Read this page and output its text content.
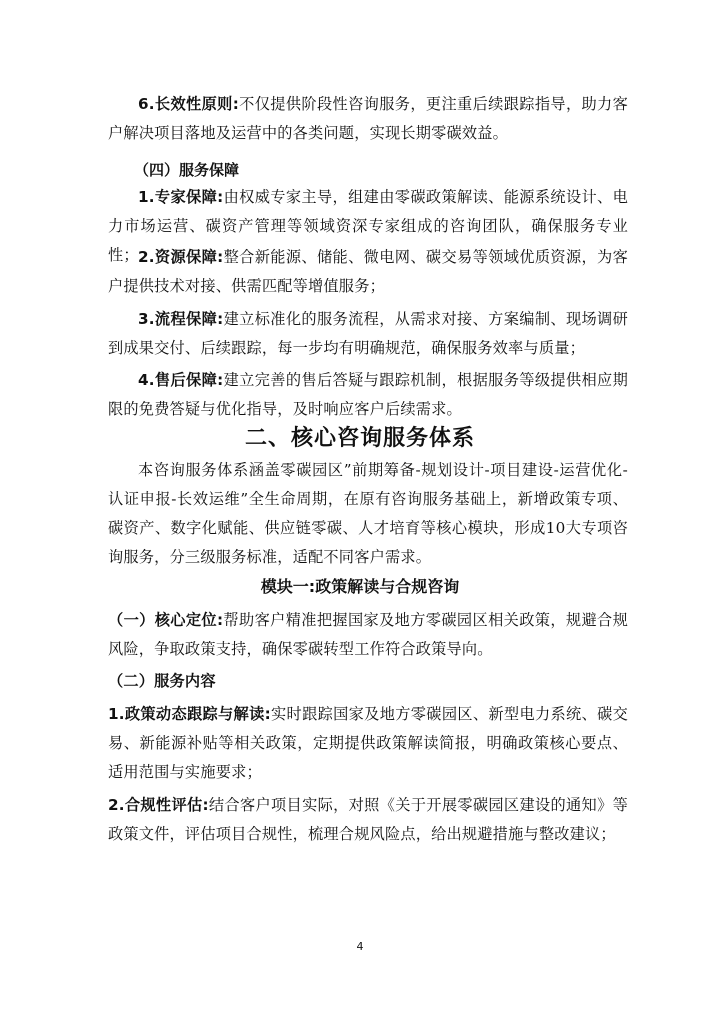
6.长效性原则:不仅提供阶段性咨询服务，更注重后续跟踪指导，助力客户解决项目落地及运营中的各类问题，实现长期零碳效益。

（四）服务保障

1.专家保障:由权威专家主导，组建由零碳政策解读、能源系统设计、电力市场运营、碳资产管理等领域资深专家组成的咨询团队，确保服务专业性； 2.资源保障:整合新能源、储能、微电网、碳交易等领域优质资源，为客户提供技术对接、供需匹配等增值服务；

3.流程保障:建立标准化的服务流程，从需求对接、方案编制、现场调研到成果交付、后续跟踪，每一步均有明确规范，确保服务效率与质量；

4.售后保障:建立完善的售后答疑与跟踪机制，根据服务等级提供相应期限的免费答疑与优化指导，及时响应客户后续需求。

二、核心咨询服务体系

本咨询服务体系涵盖零碳园区”前期筹备-规划设计-项目建设-运营优化-认证申报-长效运维”全生命周期，在原有咨询服务基础上，新增政策专项、碳资产、数字化赋能、供应链零碳、人才培育等核心模块，形成10大专项咨询服务，分三级服务标准，适配不同客户需求。

模块一:政策解读与合规咨询

（一）核心定位:帮助客户精准把握国家及地方零碳园区相关政策，规避合规风险，争取政策支持，确保零碳转型工作符合政策导向。

（二）服务内容

1.政策动态跟踪与解读:实时跟踪国家及地方零碳园区、新型电力系统、碳交易、新能源补贴等相关政策，定期提供政策解读简报，明确政策核心要点、适用范围与实施要求；

2.合规性评估:结合客户项目实际，对照《关于开展零碳园区建设的通知》等政策文件，评估项目合规性，梳理合规风险点，给出规避措施与整改建议；

4
